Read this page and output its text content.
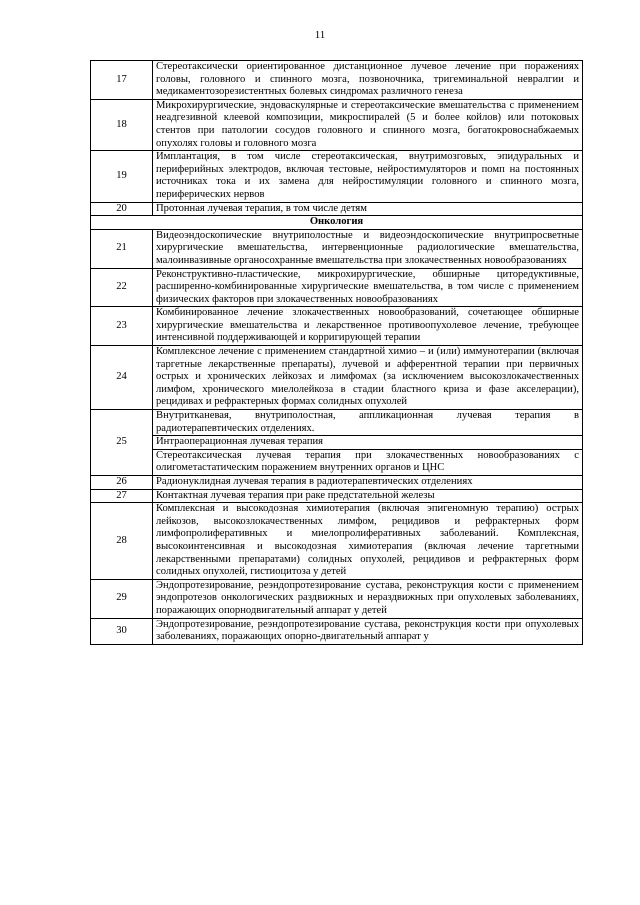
11
17	Стереотаксически ориентированное дистанционное лучевое лечение при поражениях головы, головного и спинного мозга, позвоночника, тригеминальной невралгии и медикаментозорезистентных болевых синдромах различного генеза
18	Микрохирургические, эндоваскулярные и стереотаксические вмешательства с применением неадгезивной клеевой композиции, микроспиралей (5 и более койлов) или потоковых стентов при патологии сосудов головного и спинного мозга, богатокровоснабжаемых опухолях головы и головного мозга
19	Имплантация, в том числе стереотаксическая, внутримозговых, эпидуральных и периферийных электродов, включая тестовые, нейростимуляторов и помп на постоянных источниках тока и их замена для нейростимуляции головного и спинного мозга, периферических нервов
20	Протонная лучевая терапия, в том числе детям
Онкология	
21	Видеоэндоскопические внутриполостные и видеоэндоскопические внутрипросветные хирургические вмешательства, интервенционные радиологические вмешательства, малоинвазивные органосохранные вмешательства при злокачественных новообразованиях
22	Реконструктивно-пластические, микрохирургические, обширные циторедуктивные, расширенно-комбинированные хирургические вмешательства, в том числе с применением физических факторов при злокачественных новообразованиях
23	Комбинированное лечение злокачественных новообразований, сочетающее обширные хирургические вмешательства и лекарственное противоопухолевое лечение, требующее интенсивной поддерживающей и корригирующей терапии
24	Комплексное лечение с применением стандартной химио – и (или) иммунотерапии (включая таргетные лекарственные препараты), лучевой и афферентной терапии при первичных острых и хронических лейкозах и лимфомах (за исключением высокозлокачественных лимфом, хронического миелолейкоза в стадии бластного криза и фазе акселерации), рецидивах и рефрактерных формах солидных опухолей
25	Внутритканевая, внутриполостная, аппликационная лучевая терапия в радиотерапевтических отделениях.
Интраоперационная лучевая терапия
Стереотаксическая лучевая терапия при злокачественных новообразованиях с олигометастатическим поражением внутренних органов и ЦНС

26	Радионуклидная лучевая терапия в радиотерапевтических отделениях
27	Контактная лучевая терапия при раке предстательной железы
28	Комплексная и высокодозная химиотерапия (включая эпигеномную терапию) острых лейкозов, высокозлокачественных лимфом, рецидивов и рефрактерных форм лимфопролиферативных и миелопролиферативных заболеваний. Комплексная, высокоинтенсивная и высокодозная химиотерапия (включая лечение таргетными лекарственными препаратами) солидных опухолей, рецидивов и рефрактерных форм солидных опухолей, гистиоцитоза у детей
29	Эндопротезирование, реэндопротезирование сустава, реконструкция кости с применением эндопротезов онкологических раздвижных и нераздвижных при опухолевых заболеваниях, поражающих опорнодвигательный аппарат у детей
30	Эндопротезирование, реэндопротезирование сустава, реконструкция кости при опухолевых заболеваниях, поражающих опорно-двигательный аппарат у
